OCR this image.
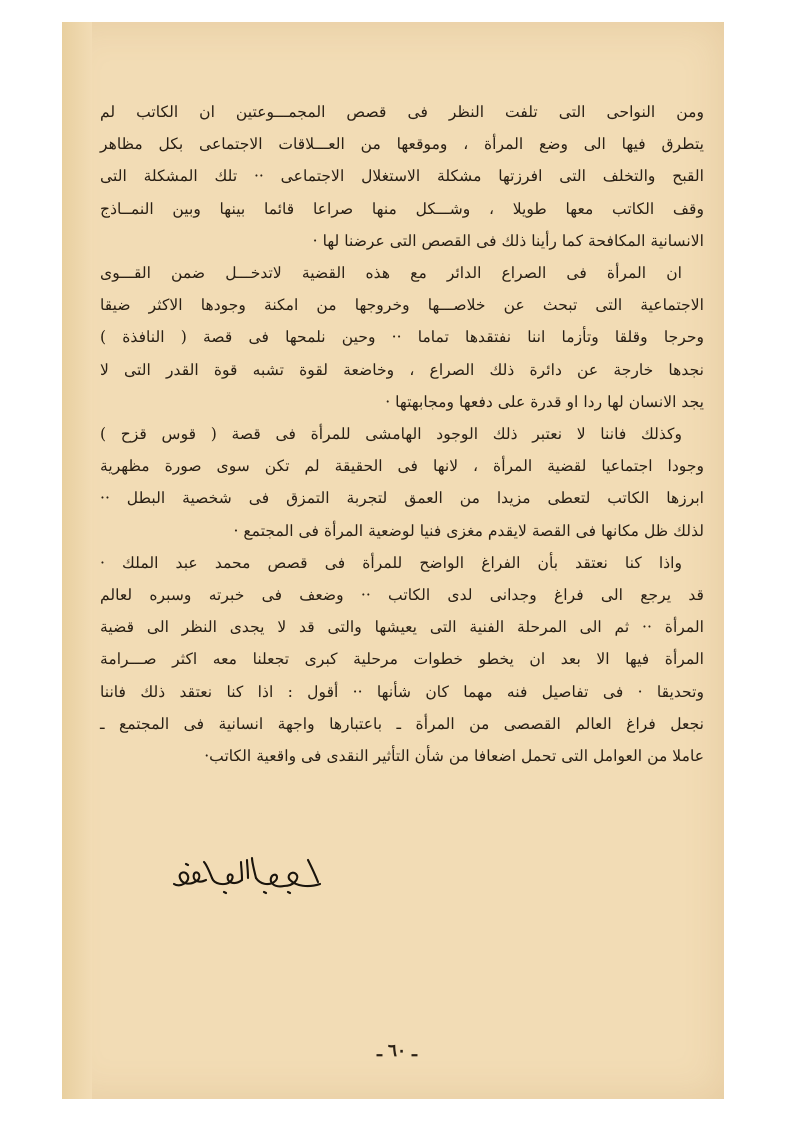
ومن النواحى التى تلفت النظر فى قصص المجمـــوعتين ان الكاتب لم
يتطرق فيها الى وضع المرأة ، وموقعها من العـــلاقات الاجتماعى بكل مظاهر
القبح والتخلف التى افرزتها مشكلة الاستغلال الاجتماعى ·· تلك المشكلة التى
وقف الكاتب معها طويلا ، وشـــكل منها صراعا قائما بينها وبين النمــاذج
الانسانية المكافحة كما رأينا ذلك فى القصص التى عرضنا لها ·

ان المرأة فى الصراع الدائر مع هذه القضية لاتدخـــل ضمن القـــوى
الاجتماعية التى تبحث عن خلاصـــها وخروجها من امكنة وجودها الاكثر ضيقا
وحرجا وقلقا وتأزما اننا نفتقدها تماما ·· وحين نلمحها فى قصة ( النافذة )
نجدها خارجة عن دائرة ذلك الصراع ، وخاضعة لقوة تشبه قوة القدر التى لا
يجد الانسان لها ردا او قدرة على دفعها ومجابهتها ·

وكذلك فاننا لا نعتبر ذلك الوجود الهامشى للمرأة فى قصة ( قوس قزح )
وجودا اجتماعيا لقضية المرأة ، لانها فى الحقيقة لم تكن سوى صورة مظهرية
ابرزها الكاتب لتعطى مزيدا من العمق لتجربة التمزق فى شخصية البطل ··
لذلك ظل مكانها فى القصة لايقدم مغزى فنيا لوضعية المرأة فى المجتمع ·

واذا كنا نعتقد بأن الفراغ الواضح للمرأة فى قصص محمد عبد الملك ·
قد يرجع الى فراغ وجدانى لدى الكاتب ·· وضعف فى خبرته وسبره لعالم
المرأة ·· ثم الى المرحلة الفنية التى يعيشها والتى قد لا يجدى النظر الى قضية
المرأة فيها الا بعد ان يخطو خطوات مرحلية كبرى تجعلنا معه اكثر صـــرامة
وتحديقا · فى تفاصيل فنه مهما كان شأنها ·· أقول : اذا كنا نعتقد ذلك فاننا
نجعل فراغ العالم القصصى من المرأة ـ باعتبارها واجهة انسانية فى المجتمع ـ
عاملا من العوامل التى تحمل اضعافا من شأن التأثير النقدى فى واقعية الكاتب·

ـ ٦٠ ـ
